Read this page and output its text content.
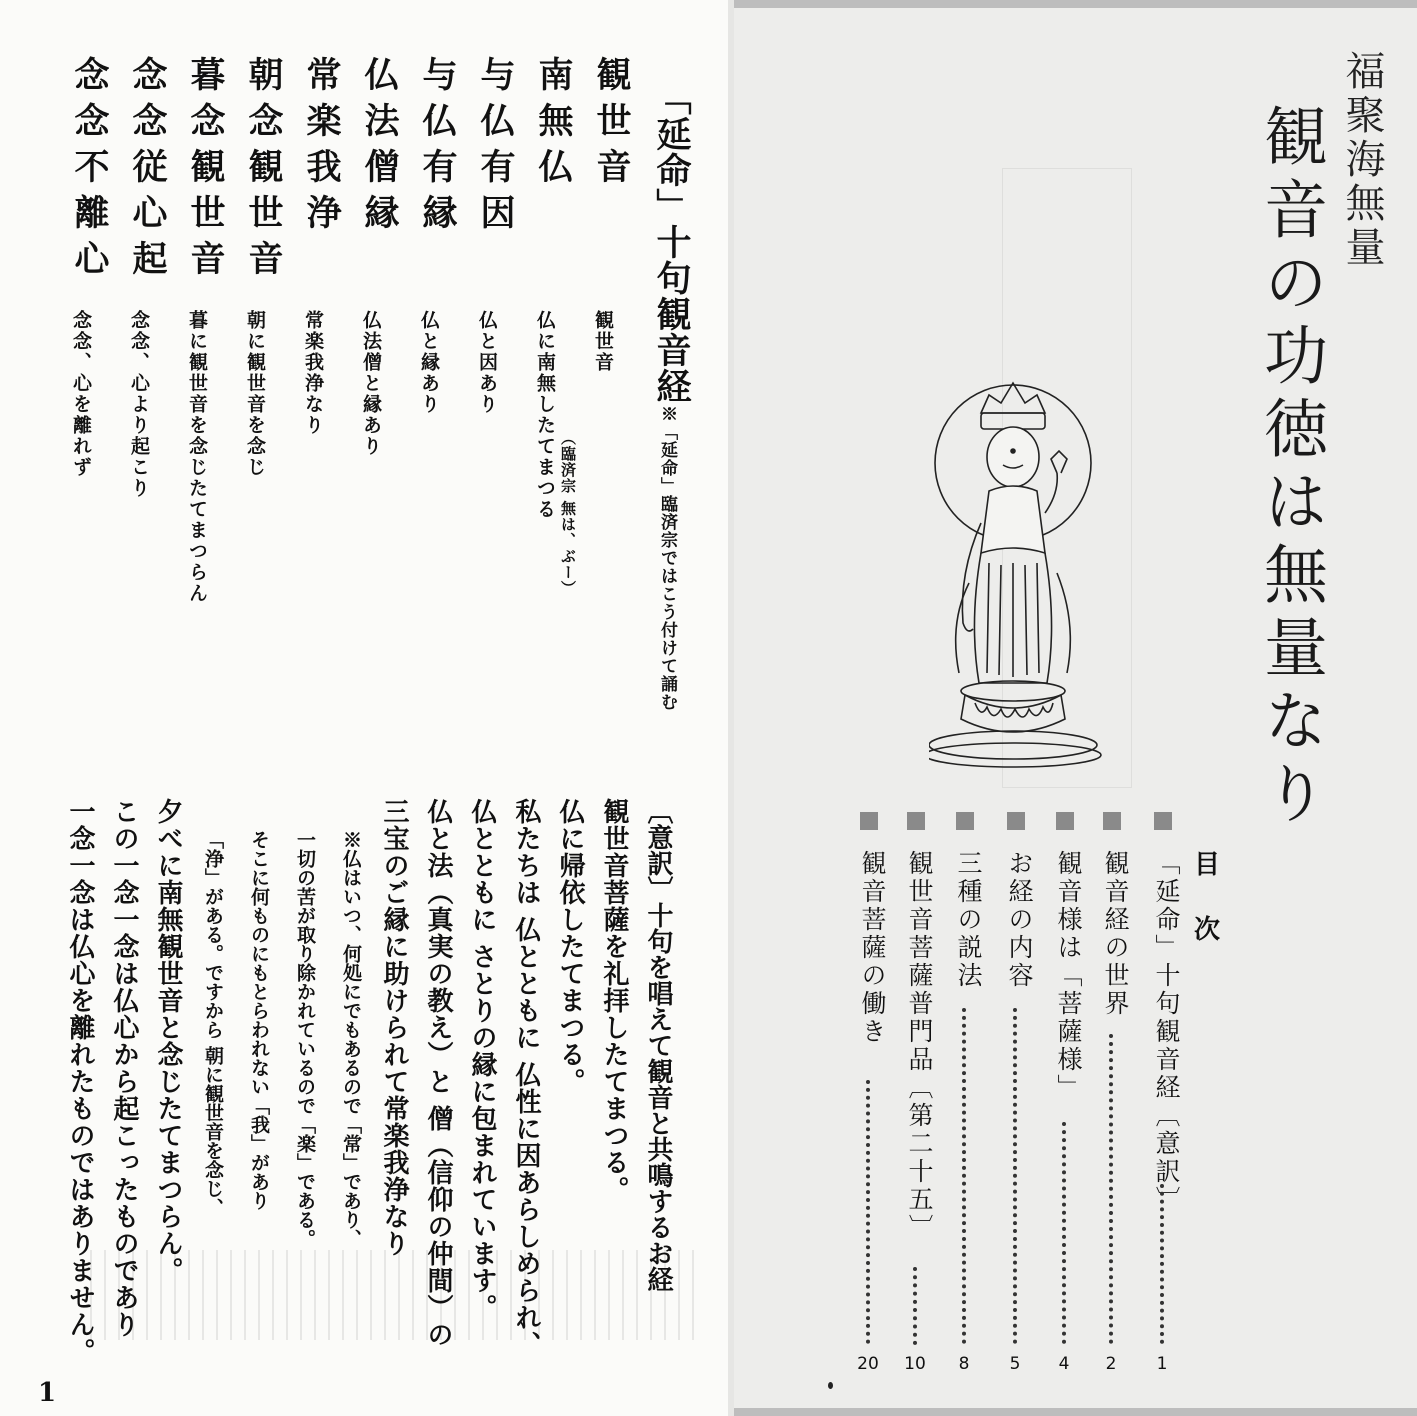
「延命」十句観音経
※「延命」臨済宗ではこう付けて誦む
観世音
南無仏
与仏有因
与仏有縁
仏法僧縁
常楽我浄
朝念観世音
暮念観世音
念念従心起
念念不離心
観世音
仏に南無したてまつる （臨済宗 無は、ぶー）
仏と因あり
仏と縁あり
仏法僧と縁あり
常楽我浄なり
朝に観世音を念じ
暮に観世音を念じたてまつらん
念念、心より起こり
念念、心を離れず
〔意訳〕十句を唱えて観音と共鳴するお経
観世音菩薩を礼拝したてまつる。
仏に帰依したてまつる。
私たちは 仏とともに 仏性に因あらしめられ、
仏とともに さとりの縁に包まれています。
仏と法（真実の教え）と 僧（信仰の仲間）の
三宝のご縁に助けられて常楽我浄なり
※仏はいつ、何処にでもあるので「常」であり、
一切の苦が取り除かれているので「楽」である。
そこに何ものにもとらわれない「我」があり
「浄」がある。ですから 朝に観世音を念じ、
夕べに南無観世音と念じたてまつらん。
この一念一念は仏心から起こったものであり
一念一念は仏心を離れたものではありません。
1
福聚海無量
観音の功徳は無量なり
目
次
「延命」十句観音経〔意訳〕
1
観音経の世界
2
観音様は「菩薩様」
4
お経の内容
5
三種の説法
8
観世音菩薩普門品〔第二十五〕
10
観音菩薩の働き
20
